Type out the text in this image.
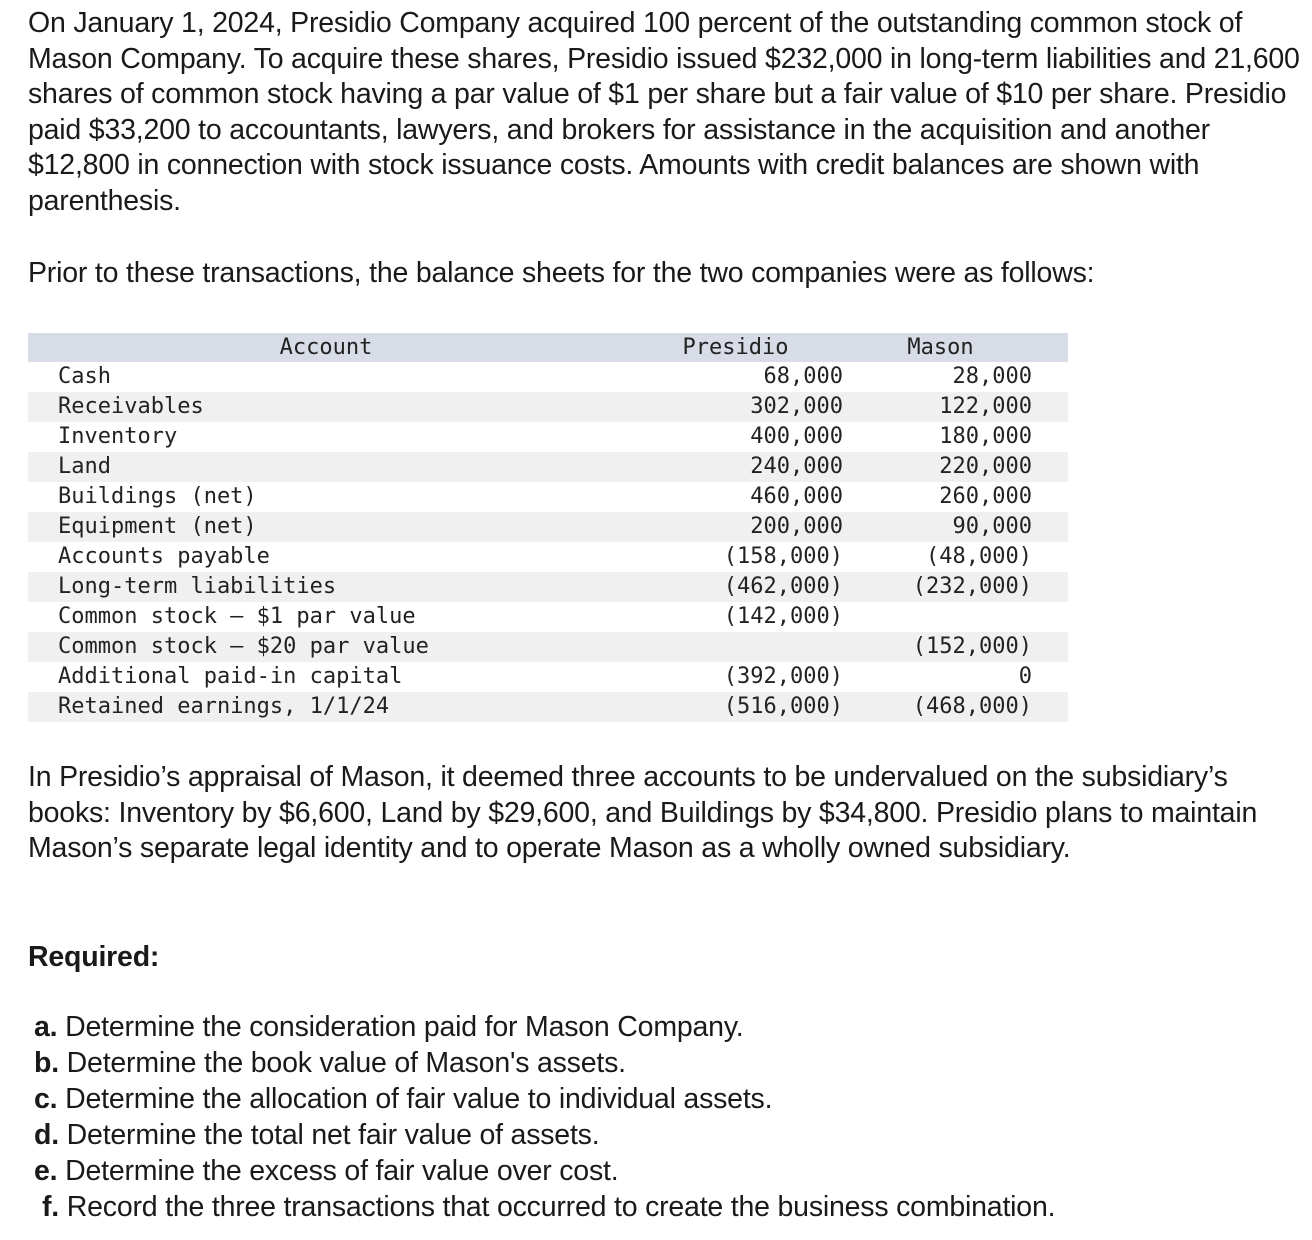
On January 1, 2024, Presidio Company acquired 100 percent of the outstanding common stock of Mason Company. To acquire these shares, Presidio issued $232,000 in long-term liabilities and 21,600 shares of common stock having a par value of $1 per share but a fair value of $10 per share. Presidio paid $33,200 to accountants, lawyers, and brokers for assistance in the acquisition and another $12,800 in connection with stock issuance costs. Amounts with credit balances are shown with parenthesis.

Prior to these transactions, the balance sheets for the two companies were as follows:

Account	Presidio	Mason
Cash	68,000	28,000
Receivables	302,000	122,000
Inventory	400,000	180,000
Land	240,000	220,000
Buildings (net)	460,000	260,000
Equipment (net)	200,000	90,000
Accounts payable	(158,000)	(48,000)
Long-term liabilities	(462,000)	(232,000)
Common stock — $1 par value	(142,000)	
Common stock — $20 par value		(152,000)
Additional paid-in capital	(392,000)	0
Retained earnings, 1/1/24	(516,000)	(468,000)

In Presidio’s appraisal of Mason, it deemed three accounts to be undervalued on the subsidiary’s books: Inventory by $6,600, Land by $29,600, and Buildings by $34,800. Presidio plans to maintain Mason’s separate legal identity and to operate Mason as a wholly owned subsidiary.

Required:

a. Determine the consideration paid for Mason Company.
b. Determine the book value of Mason's assets.
c. Determine the allocation of fair value to individual assets.
d. Determine the total net fair value of assets.
e. Determine the excess of fair value over cost.
f. Record the three transactions that occurred to create the business combination.
